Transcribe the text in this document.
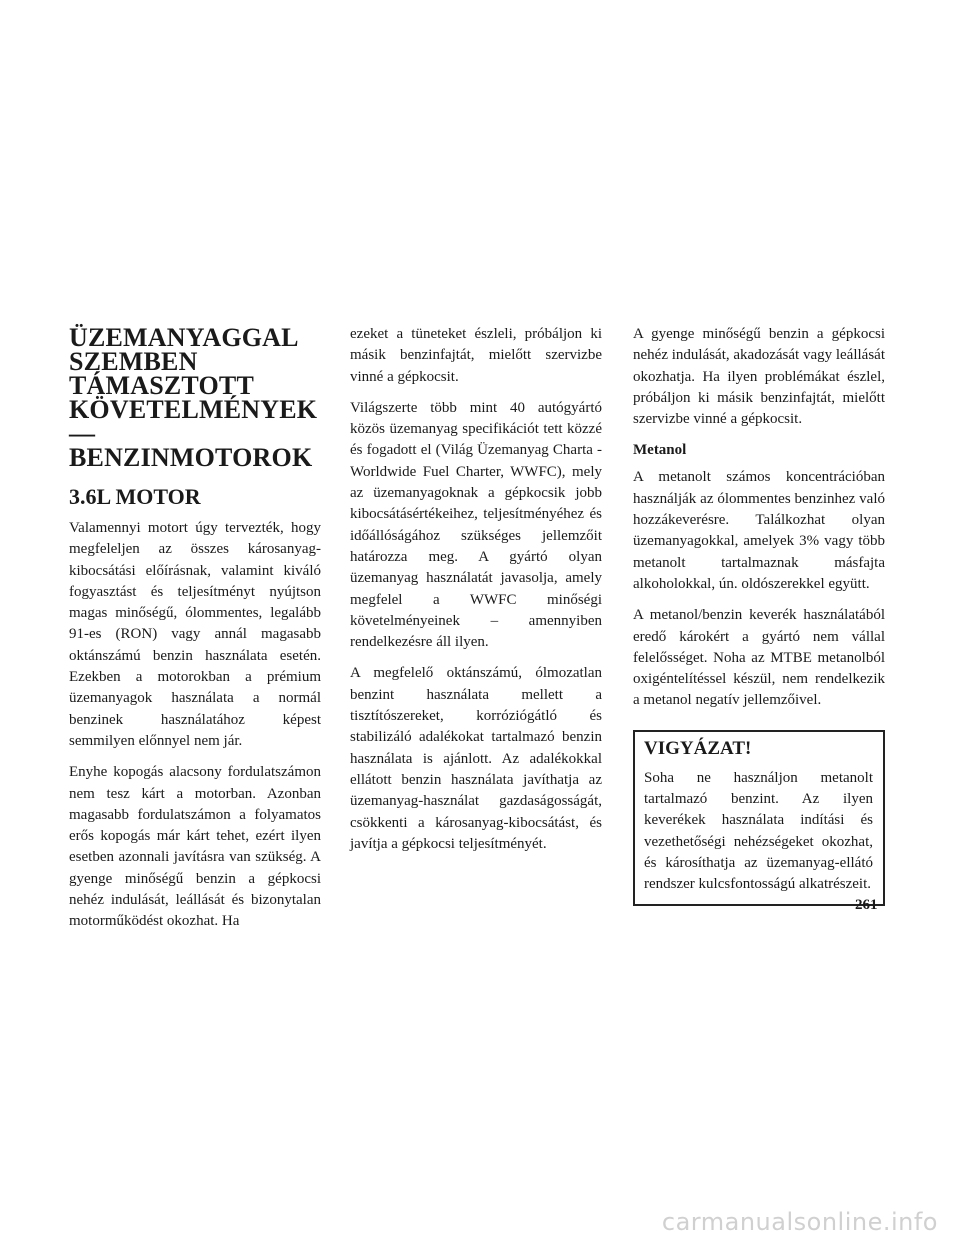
ÜZEMANYAGGAL
SZEMBEN
TÁMASZTOTT
KÖVETELMÉNYEK —
BENZINMOTOROK
3.6L MOTOR

Valamennyi motort úgy tervezték, hogy megfeleljen az összes károsanyag-kibocsátási előírásnak, valamint kiváló fogyasztást és teljesítményt nyújtson magas minőségű, ólommentes, legalább 91-es (RON) vagy annál magasabb oktánszámú benzin használata esetén. Ezekben a motorokban a prémium üzemanyagok használata a normál benzinek használatához képest semmilyen előnnyel nem jár.

Enyhe kopogás alacsony fordulatszámon nem tesz kárt a motorban. Azonban magasabb fordulatszámon a folyamatos erős kopogás már kárt tehet, ezért ilyen esetben azonnali javításra van szükség. A gyenge minőségű benzin a gépkocsi nehéz indulását, leállását és bizonytalan motorműködést okozhat. Ha

ezeket a tüneteket észleli, próbáljon ki másik benzinfajtát, mielőtt szervizbe vinné a gépkocsit.

Világszerte több mint 40 autógyártó közös üzemanyag specifikációt tett közzé és fogadott el (Világ Üzemanyag Charta - Worldwide Fuel Charter, WWFC), mely az üzemanyagoknak a gépkocsik jobb kibocsátásértékeihez, teljesítményéhez és időállóságához szükséges jellemzőit határozza meg. A gyártó olyan üzemanyag használatát javasolja, amely megfelel a WWFC minőségi követelményeinek – amennyiben rendelkezésre áll ilyen.

A megfelelő oktánszámú, ólmozatlan benzint használata mellett a tisztítószereket, korróziógátló és stabilizáló adalékokat tartalmazó benzin használata is ajánlott. Az adalékokkal ellátott benzin használata javíthatja az üzemanyag-használat gazdaságosságát, csökkenti a károsanyag-kibocsátást, és javítja a gépkocsi teljesítményét.

A gyenge minőségű benzin a gépkocsi nehéz indulását, akadozását vagy leállását okozhatja. Ha ilyen problémákat észlel, próbáljon ki másik benzinfajtát, mielőtt szervizbe vinné a gépkocsit.

Metanol

A metanolt számos koncentrációban használják az ólommentes benzinhez való hozzákeverésre. Találkozhat olyan üzemanyagokkal, amelyek 3% vagy több metanolt tartalmaznak másfajta alkoholokkal, ún. oldószerekkel együtt.

A metanol/benzin keverék használatából eredő károkért a gyártó nem vállal felelősséget. Noha az MTBE metanolból oxigéntelítéssel készül, nem rendelkezik a metanol negatív jellemzőivel.

VIGYÁZAT!

Soha ne használjon metanolt tartalmazó benzint. Az ilyen keverékek használata indítási és vezethetőségi nehézségeket okozhat, és károsíthatja az üzemanyag-ellátó rendszer kulcsfontosságú alkatrészeit.

261
carmanualsonline.info
